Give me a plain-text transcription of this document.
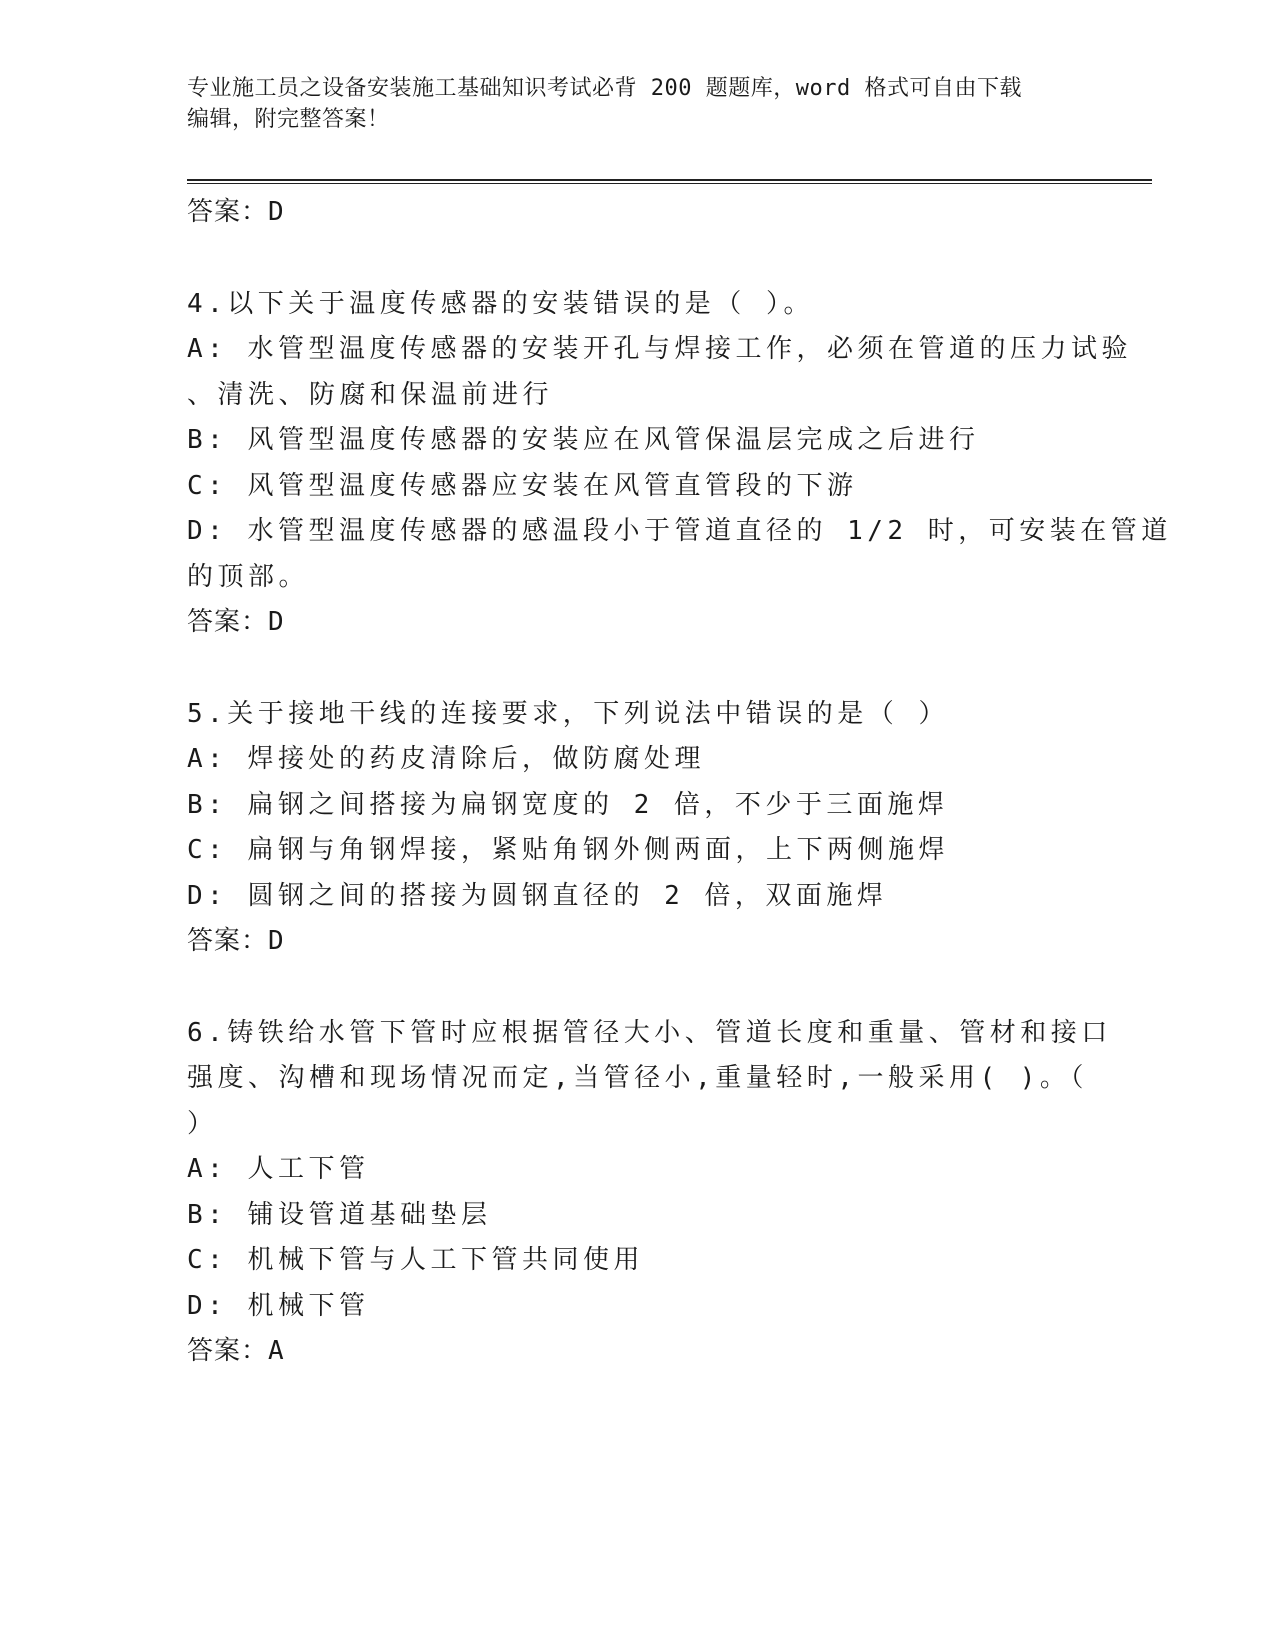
专业施工员之设备安装施工基础知识考试必背 200 题题库，word 格式可自由下载
编辑，附完整答案！
答案：D
4.以下关于温度传感器的安装错误的是（ ）。
A: 水管型温度传感器的安装开孔与焊接工作，必须在管道的压力试验
、清洗、防腐和保温前进行
B: 风管型温度传感器的安装应在风管保温层完成之后进行
C: 风管型温度传感器应安装在风管直管段的下游
D: 水管型温度传感器的感温段小于管道直径的 1/2 时，可安装在管道
的顶部。
答案：D
5.关于接地干线的连接要求，下列说法中错误的是（ ）
A: 焊接处的药皮清除后，做防腐处理
B: 扁钢之间搭接为扁钢宽度的 2 倍，不少于三面施焊
C: 扁钢与角钢焊接，紧贴角钢外侧两面，上下两侧施焊
D: 圆钢之间的搭接为圆钢直径的 2 倍，双面施焊
答案：D
6.铸铁给水管下管时应根据管径大小、管道长度和重量、管材和接口
强度、沟槽和现场情况而定,当管径小,重量轻时,一般采用( )。（
）
A: 人工下管
B: 铺设管道基础垫层
C: 机械下管与人工下管共同使用
D: 机械下管
答案：A
